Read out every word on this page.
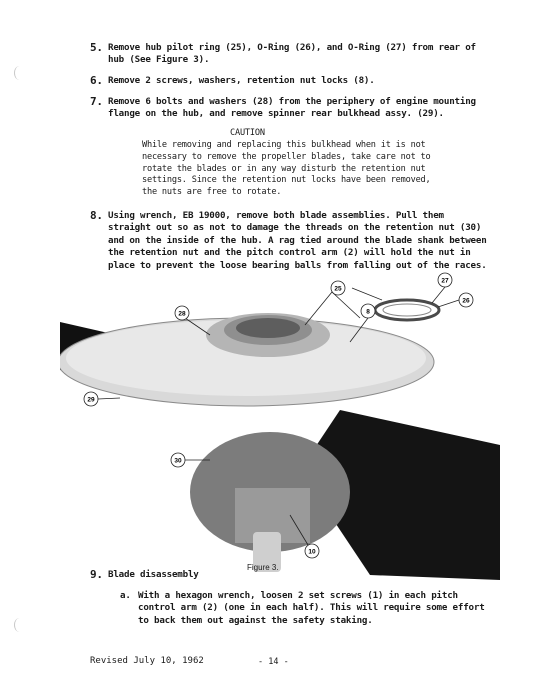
5. Remove hub pilot ring (25), O-Ring (26), and O-Ring (27) from rear of hub (See Figure 3).
6. Remove 2 screws, washers, retention nut locks (8).
7. Remove 6 bolts and washers (28) from the periphery of engine mounting flange on the hub, and remove spinner rear bulkhead assy. (29).
CAUTION
While removing and replacing this bulkhead when it is not necessary to remove the propeller blades, take care not to rotate the blades or in any way disturb the retention nut settings. Since the retention nut locks have been removed, the nuts are free to rotate.
8. Using wrench, EB 19000, remove both blade assemblies. Pull them straight out so as not to damage the threads on the retention nut (30) and on the inside of the hub. A rag tied around the blade shank between the retention nut and the pitch control arm (2) will hold the nut in place to prevent the loose bearing balls from falling out of the races.
28
25
27
26
8
29
30
10
Figure 3.
9. Blade disassembly
a. With a hexagon wrench, loosen 2 set screws (1) in each pitch control arm (2) (one in each half). This will require some effort to back them out against the safety staking.
Revised July 10, 1962	- 14 -
